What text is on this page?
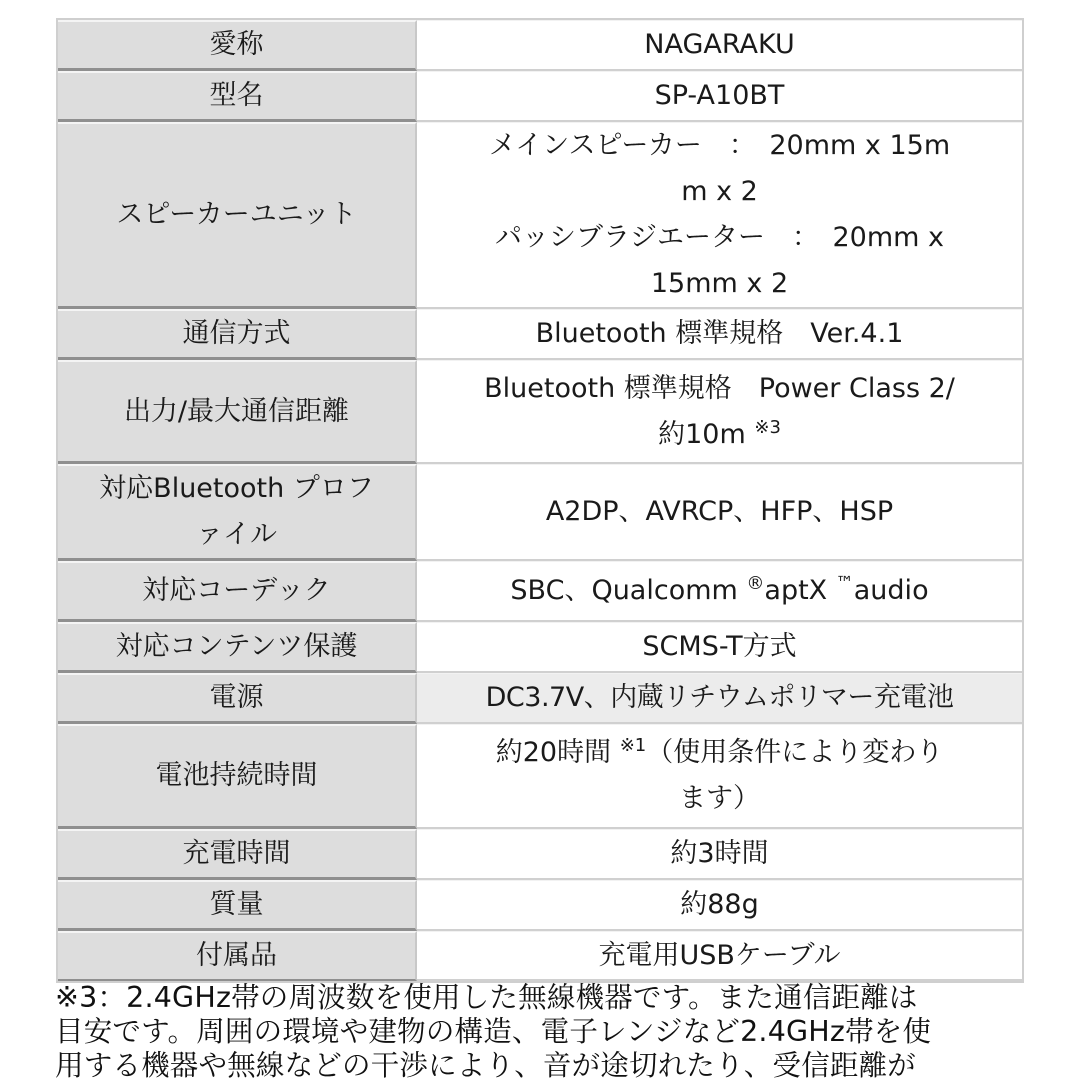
愛称	NAGARAKU
型名	SP-A10BT
スピーカーユニット	メインスピーカー　：　20mm x 15m
m x 2
パッシブラジエーター　：　20mm x
15mm x 2

通信方式	Bluetooth 標準規格　Ver.4.1
出力/最大通信距離	Bluetooth 標準規格　Power Class 2/
約10m $^{※3}$

対応Bluetooth プロフ
ァイル	A2DP、AVRCP、HFP、HSP
対応コーデック	SBC、Qualcomm ®aptX ™audio
対応コンテンツ保護	SCMS-T方式
電源	DC3.7V、内蔵リチウムポリマー充電池
電池持続時間	約20時間 $^{※1}$（使用条件により変わり
ます）

充電時間	約3時間
質量	約88g
付属品	充電用USBケーブル
※3：2.4GHz帯の周波数を使用した無線機器です。また通信距離は
目安です。周囲の環境や建物の構造、電子レンジなど2.4GHz帯を使
用する機器や無線などの干渉により、音が途切れたり、受信距離が
